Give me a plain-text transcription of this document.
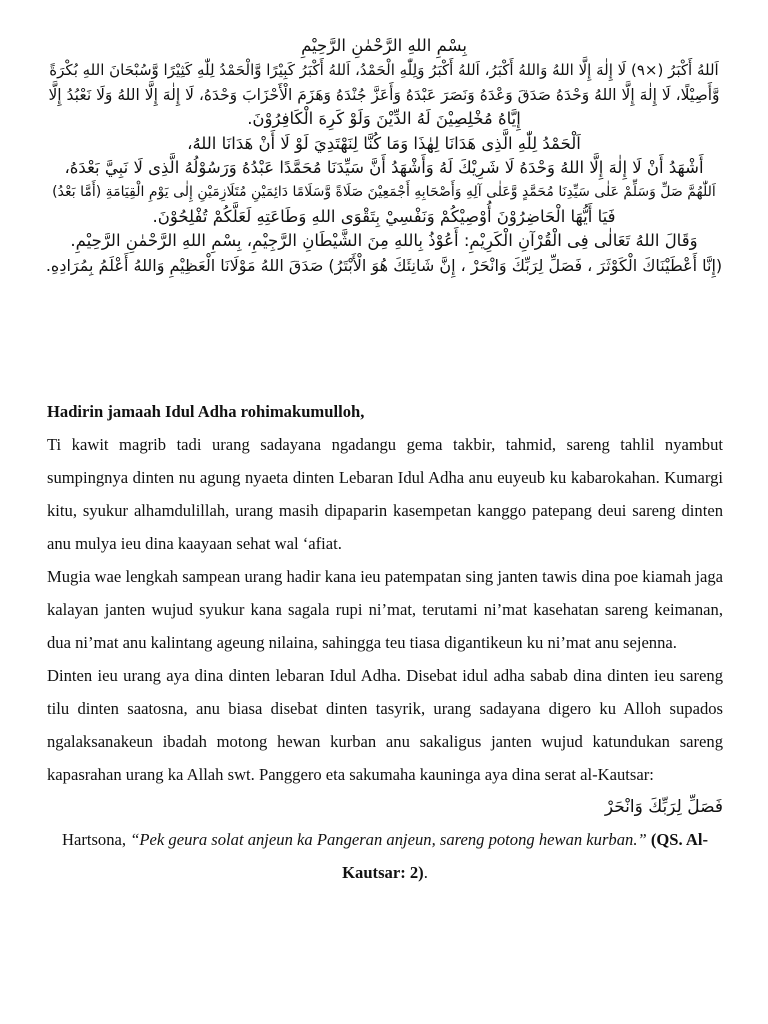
بِسْمِ اللهِ الرَّحْمٰنِ الرَّحِيْمِ

اَللهُ أَكْبَرُ (×٩) لَا إِلٰهَ إِلَّا اللهُ وَاللهُ أَكْبَرُ، اَللهُ أَكْبَرُ وَلِلّٰهِ الْحَمْدُ، اَللهُ أَكْبَرُ كَبِيْرًا وَّالْحَمْدُ لِلّٰهِ كَثِيْرًا وَّسُبْحَانَ اللهِ بُكْرَةً

وَّأَصِيْلًا، لَا إِلٰهَ إِلَّا اللهُ وَحْدَهُ صَدَقَ وَعْدَهُ وَنَصَرَ عَبْدَهُ وَأَعَزَّ جُنْدَهُ وَهَزَمَ الْأَحْزَابَ وَحْدَهُ، لَا إِلٰهَ إِلَّا اللهُ وَلَا نَعْبُدُ إِلَّا

إِيَّاهُ مُخْلِصِيْنَ لَهُ الدِّيْنَ وَلَوْ كَرِهَ الْكَافِرُوْنَ.

اَلْحَمْدُ لِلّٰهِ الَّذِى هَدَانَا لِهٰذَا وَمَا كُنَّا لِنَهْتَدِيَ لَوْ لَا أَنْ هَدَانَا اللهُ،

أَشْهَدُ أَنْ لَا إِلٰهَ إِلَّا اللهُ وَحْدَهُ لَا شَرِيْكَ لَهُ وَأَشْهَدُ أَنَّ سَيِّدَنَا مُحَمَّدًا عَبْدُهُ وَرَسُوْلُهُ الَّذِى لَا نَبِيَّ بَعْدَهُ،

اَللّٰهُمَّ صَلِّ وَسَلِّمْ عَلٰى سَيِّدِنَا مُحَمَّدٍ وَّعَلٰى آلِهِ وَأَصْحَابِهِ أَجْمَعِيْنَ صَلَاةً وَّسَلَامًا دَائِمَيْنِ مُتَلَازِمَيْنِ إِلٰى يَوْمِ الْقِيَامَةِ (أَمَّا بَعْدُ)

فَيَا أَيُّهَا الْحَاضِرُوْنَ أُوْصِيْكُمْ وَنَفْسِيْ بِتَقْوَى اللهِ وَطَاعَتِهِ لَعَلَّكُمْ تُفْلِحُوْنَ.

وَقَالَ اللهُ تَعَالٰى فِى الْقُرْآنِ الْكَرِيْمِ: أَعُوْذُ بِاللهِ مِنَ الشَّيْطَانِ الرَّجِيْمِ، بِسْمِ اللهِ الرَّحْمٰنِ الرَّحِيْمِ.

(إِنَّا أَعْطَيْنَاكَ الْكَوْثَرَ ، فَصَلِّ لِرَبِّكَ وَانْحَرْ ، إِنَّ شَانِئَكَ هُوَ الْأَبْتَرُ) صَدَقَ اللهُ مَوْلَانَا الْعَظِيْمِ وَاللهُ أَعْلَمُ بِمُرَادِهِ.

Hadirin jamaah Idul Adha rohimakumulloh,

Ti kawit magrib tadi urang sadayana ngadangu gema takbir, tahmid, sareng tahlil nyambut sumpingnya dinten nu agung nyaeta dinten Lebaran Idul Adha anu euyeub ku kabarokahan. Kumargi kitu, syukur alhamdulillah, urang masih dipaparin kasempetan kanggo patepang deui sareng dinten anu mulya ieu dina kaayaan sehat wal ‘afiat.

Mugia wae lengkah sampean urang hadir kana ieu patempatan sing janten tawis dina poe kiamah jaga kalayan janten wujud syukur kana sagala rupi ni’mat, terutami ni’mat kasehatan sareng keimanan, dua ni’mat anu kalintang ageung nilaina, sahingga teu tiasa digantikeun ku ni’mat anu sejenna.

Dinten ieu urang aya dina dinten lebaran Idul Adha. Disebat idul adha sabab dina dinten ieu sareng tilu dinten saatosna, anu biasa disebat dinten tasyrik, urang sadayana digero ku Alloh supados ngalaksanakeun ibadah motong hewan kurban anu sakaligus janten wujud katundukan sareng kapasrahan urang ka Allah swt. Panggero eta sakumaha kauninga aya dina serat al-Kautsar:

فَصَلِّ لِرَبِّكَ وَانْحَرْ

Hartsona, “Pek geura solat anjeun ka Pangeran anjeun, sareng potong hewan kurban.” (QS. Al-Kautsar: 2).
